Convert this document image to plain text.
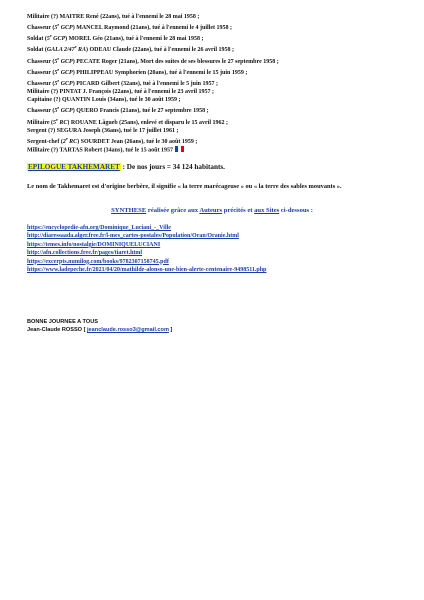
Militaire (?) MAITRE René (22ans), tué à l'ennemi le 28 mai 1958 ;
Chasseur (5e GCP) MANCEL Raymond (21ans), tué à l'ennemi le 4 juillet 1958 ;
Soldat (5e GCP) MOREL Géo (21ans), tué à l'ennemi le 28 mai 1958 ;
Soldat (GALA 2/47e RA) ODEAU Claude (22ans), tué à l'ennemi le 26 avril 1958 ;
Chasseur (5e GCP) PECATE Roger (21ans), Mort des suites de ses blessures le 27 septembre 1958 ;
Chasseur (5e GCP) PHILIPPEAU Symphorien (20ans), tué à l'ennemi le 15 juin 1959 ;
Chasseur (5e GCP) PICARD Gilbert (32ans), tué à l'ennemi le 5 juin 1957 ;
Militaire (?) PINTAT J. François (22ans), tué à l'ennemi le 23 avril 1957 ;
Capitaine (?) QUANTIN Louis (34ans), tué le 30 août 1959 ;
Chasseur (5e GCP) QUERO Francis (21ans), tué le 27 septembre 1958 ;
Militaire (5e RC) ROUANE Lâgueb (25ans), enlevé et disparu le 15 avril 1962 ;
Sergent (?) SEGURA Joseph (36ans), tué le 17 juillet 1961 ;
Sergent-chef (2e RC) SOURDET Jean (26ans), tué le 30 août 1959 ;
Militaire (?) TARTAS Robert (34ans), tué le 15 août 1957
EPILOGUE TAKHEMARET : De nos jours = 34 124 habitants.
Le nom de Takhemaret est d'origine berbère, il signifie « la terre marécageuse » ou « la terre des sables mouvants ».
SYNTHESE réalisée grâce aux Auteurs précités et aux Sites ci-dessous :
https://encyclopedie-afn.org/Dominique_Luciani_-_Ville
http://diaressaada.alger.free.fr/l-mes_cartes-postales/Population/Oran/Oranie.html
https://temes.info/nostalgie/DOMINIQUELUCIANI
http://afn.collections.free.fr/pages/tiaret.html
https://excerpts.numilog.com/books/9782307158745.pdf
https://www.ladepeche.fr/2021/04/20/mathilde-alonso-une-bien-alerte-centenaire-9498511.php
BONNE JOURNEE A TOUS
Jean-Claude ROSSO [ jeanclaude.rosso3@gmail.com ]
